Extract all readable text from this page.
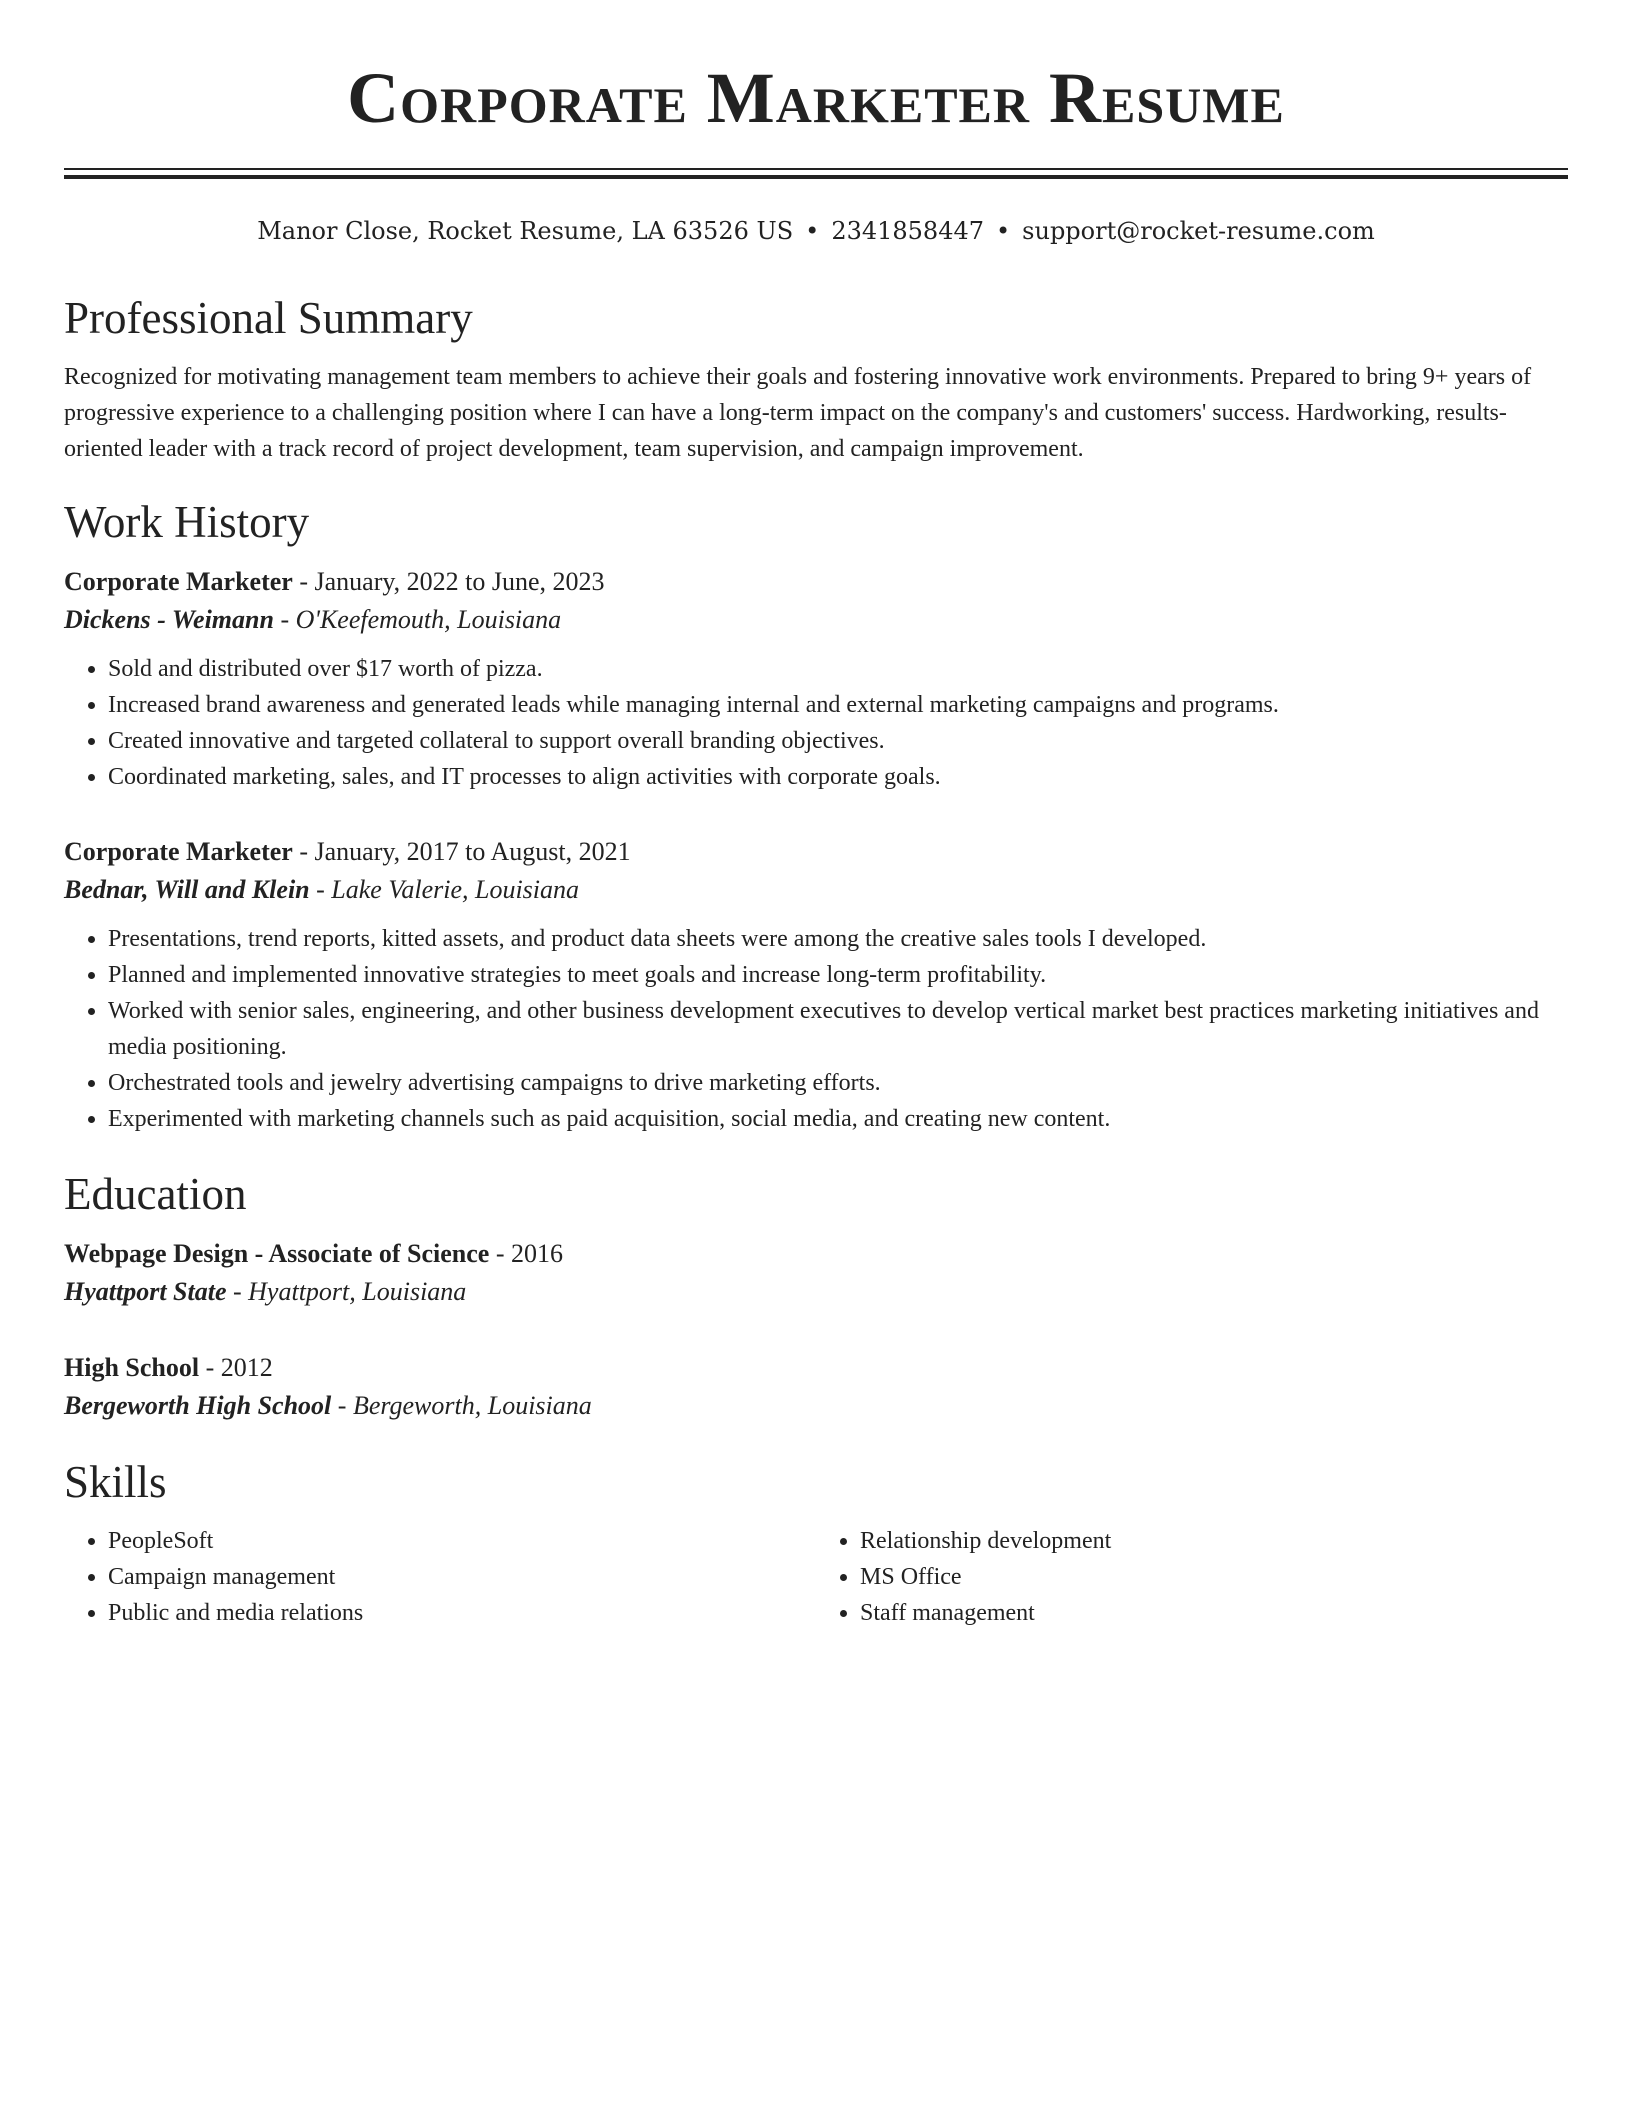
Corporate Marketer Resume
Manor Close, Rocket Resume, LA 63526 US • 2341858447 • support@rocket-resume.com
Professional Summary

Recognized for motivating management team members to achieve their goals and fostering innovative work environments. Prepared to bring 9+ years of progressive experience to a challenging position where I can have a long-term impact on the company's and customers' success. Hardworking, results-oriented leader with a track record of project development, team supervision, and campaign improvement.

Work History
Corporate Marketer - January, 2022 to June, 2023
Dickens - Weimann - O'Keefemouth, Louisiana
• Sold and distributed over $17 worth of pizza.
• Increased brand awareness and generated leads while managing internal and external marketing campaigns and programs.
• Created innovative and targeted collateral to support overall branding objectives.
• Coordinated marketing, sales, and IT processes to align activities with corporate goals.
Corporate Marketer - January, 2017 to August, 2021
Bednar, Will and Klein - Lake Valerie, Louisiana
• Presentations, trend reports, kitted assets, and product data sheets were among the creative sales tools I developed.
• Planned and implemented innovative strategies to meet goals and increase long-term profitability.
• Worked with senior sales, engineering, and other business development executives to develop vertical market best practices marketing initiatives and media positioning.
• Orchestrated tools and jewelry advertising campaigns to drive marketing efforts.
• Experimented with marketing channels such as paid acquisition, social media, and creating new content.
Education
Webpage Design - Associate of Science - 2016
Hyattport State - Hyattport, Louisiana
High School - 2012
Bergeworth High School - Bergeworth, Louisiana
Skills
• PeopleSoft
• Campaign management
• Public and media relations
• Relationship development
• MS Office
• Staff management
